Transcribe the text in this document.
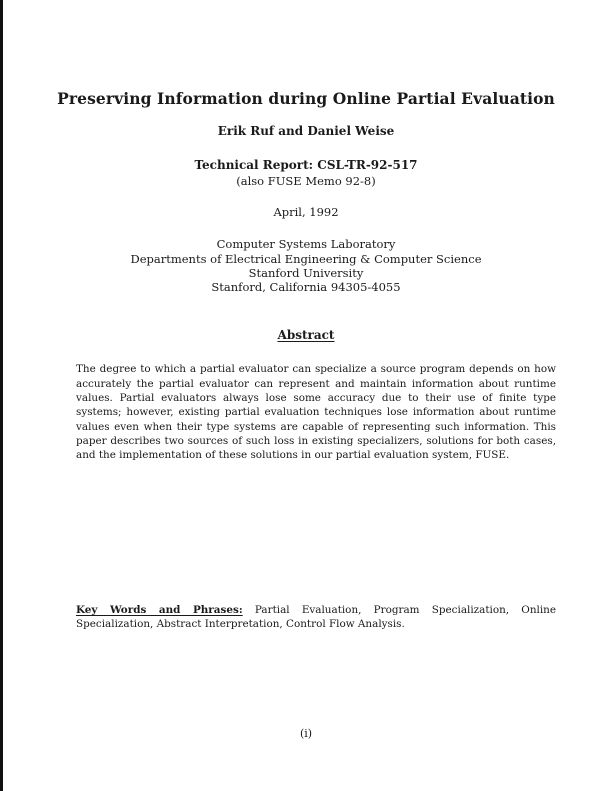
Preserving Information during Online Partial Evaluation
Erik Ruf and Daniel Weise
Technical Report: CSL-TR-92-517
(also FUSE Memo 92-8)
April, 1992
Computer Systems Laboratory
Departments of Electrical Engineering & Computer Science
Stanford University
Stanford, California 94305-4055
Abstract

The degree to which a partial evaluator can specialize a source program depends on how accurately the partial evaluator can represent and maintain information about runtime values. Partial evaluators always lose some accuracy due to their use of finite type systems; however, existing partial evaluation techniques lose information about runtime values even when their type systems are capable of representing such information. This paper describes two sources of such loss in existing specializers, solutions for both cases, and the implementation of these solutions in our partial evaluation system, FUSE.

Key Words and Phrases: Partial Evaluation, Program Specialization, Online Specialization, Abstract Interpretation, Control Flow Analysis.
(i)
